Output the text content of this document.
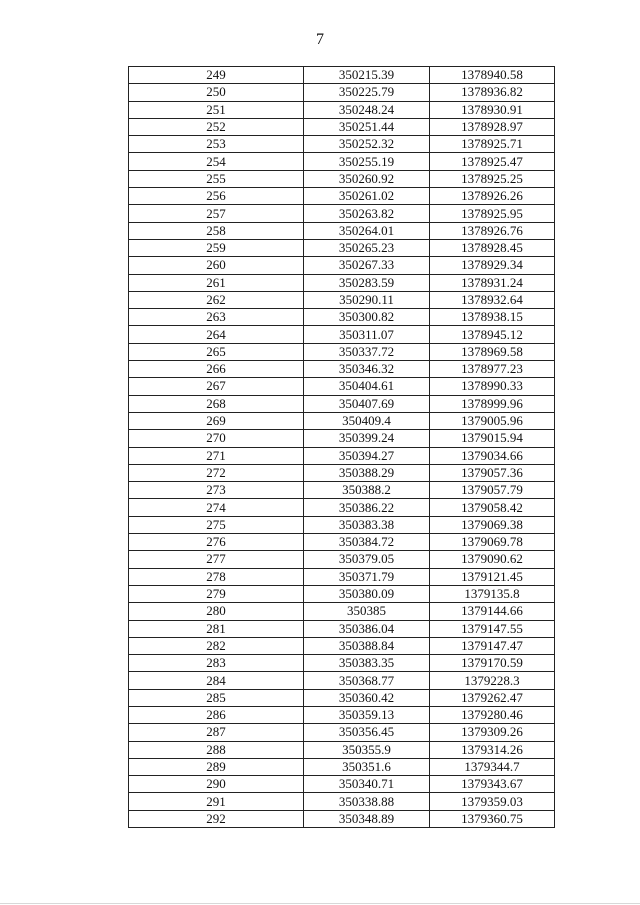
7
249	350215.39	1378940.58
250	350225.79	1378936.82
251	350248.24	1378930.91
252	350251.44	1378928.97
253	350252.32	1378925.71
254	350255.19	1378925.47
255	350260.92	1378925.25
256	350261.02	1378926.26
257	350263.82	1378925.95
258	350264.01	1378926.76
259	350265.23	1378928.45
260	350267.33	1378929.34
261	350283.59	1378931.24
262	350290.11	1378932.64
263	350300.82	1378938.15
264	350311.07	1378945.12
265	350337.72	1378969.58
266	350346.32	1378977.23
267	350404.61	1378990.33
268	350407.69	1378999.96
269	350409.4	1379005.96
270	350399.24	1379015.94
271	350394.27	1379034.66
272	350388.29	1379057.36
273	350388.2	1379057.79
274	350386.22	1379058.42
275	350383.38	1379069.38
276	350384.72	1379069.78
277	350379.05	1379090.62
278	350371.79	1379121.45
279	350380.09	1379135.8
280	350385	1379144.66
281	350386.04	1379147.55
282	350388.84	1379147.47
283	350383.35	1379170.59
284	350368.77	1379228.3
285	350360.42	1379262.47
286	350359.13	1379280.46
287	350356.45	1379309.26
288	350355.9	1379314.26
289	350351.6	1379344.7
290	350340.71	1379343.67
291	350338.88	1379359.03
292	350348.89	1379360.75
